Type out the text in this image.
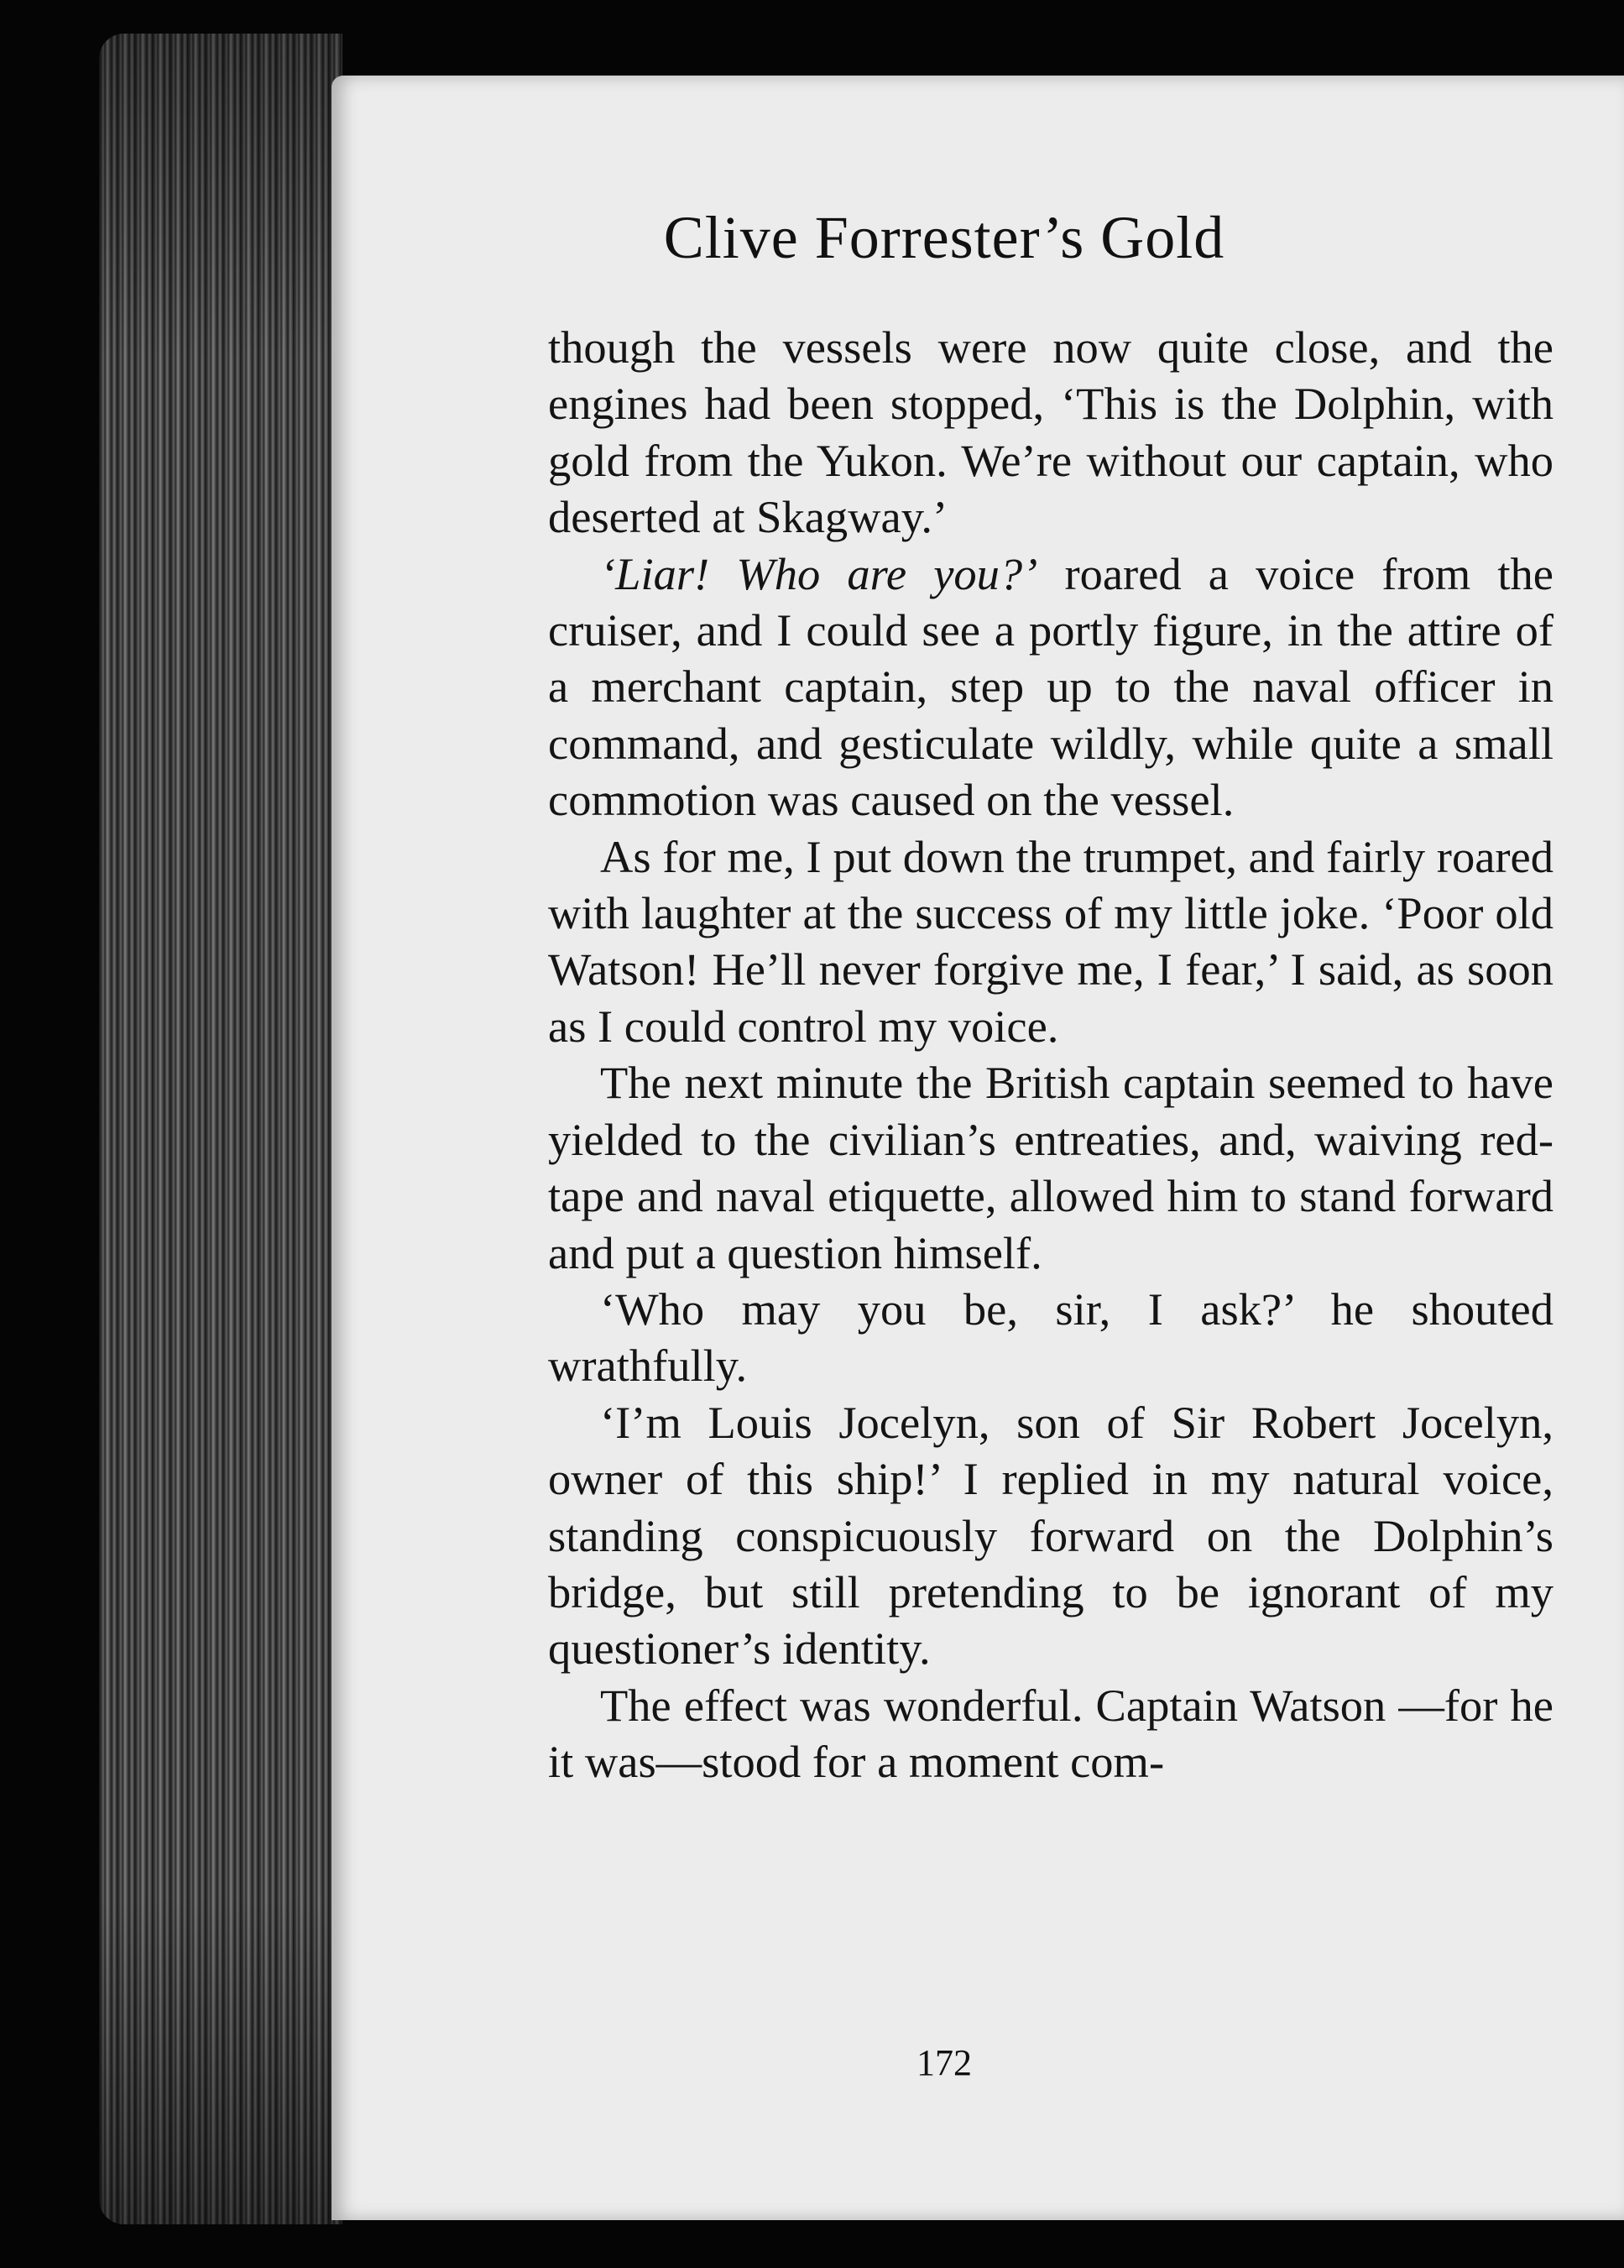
Clive Forrester’s Gold

though the vessels were now quite close, and the engines had been stopped, ‘This is the Dolphin, with gold from the Yukon. We’re without our captain, who deserted at Skagway.’

‘Liar! Who are you?’ roared a voice from the cruiser, and I could see a portly figure, in the attire of a merchant captain, step up to the naval officer in command, and gesticulate wildly, while quite a small commotion was caused on the vessel.

As for me, I put down the trumpet, and fairly roared with laughter at the success of my little joke. ‘Poor old Watson! He’ll never forgive me, I fear,’ I said, as soon as I could control my voice.

The next minute the British captain seemed to have yielded to the civilian’s entreaties, and, waiving red-tape and naval etiquette, allowed him to stand forward and put a question himself.

‘Who may you be, sir, I ask?’ he shouted wrathfully.

‘I’m Louis Jocelyn, son of Sir Robert Jocelyn, owner of this ship!’ I replied in my natural voice, standing conspicuously forward on the Dolphin’s bridge, but still pretending to be ignorant of my questioner’s identity.

The effect was wonderful. Captain Watson —for he it was—stood for a moment com-

172
